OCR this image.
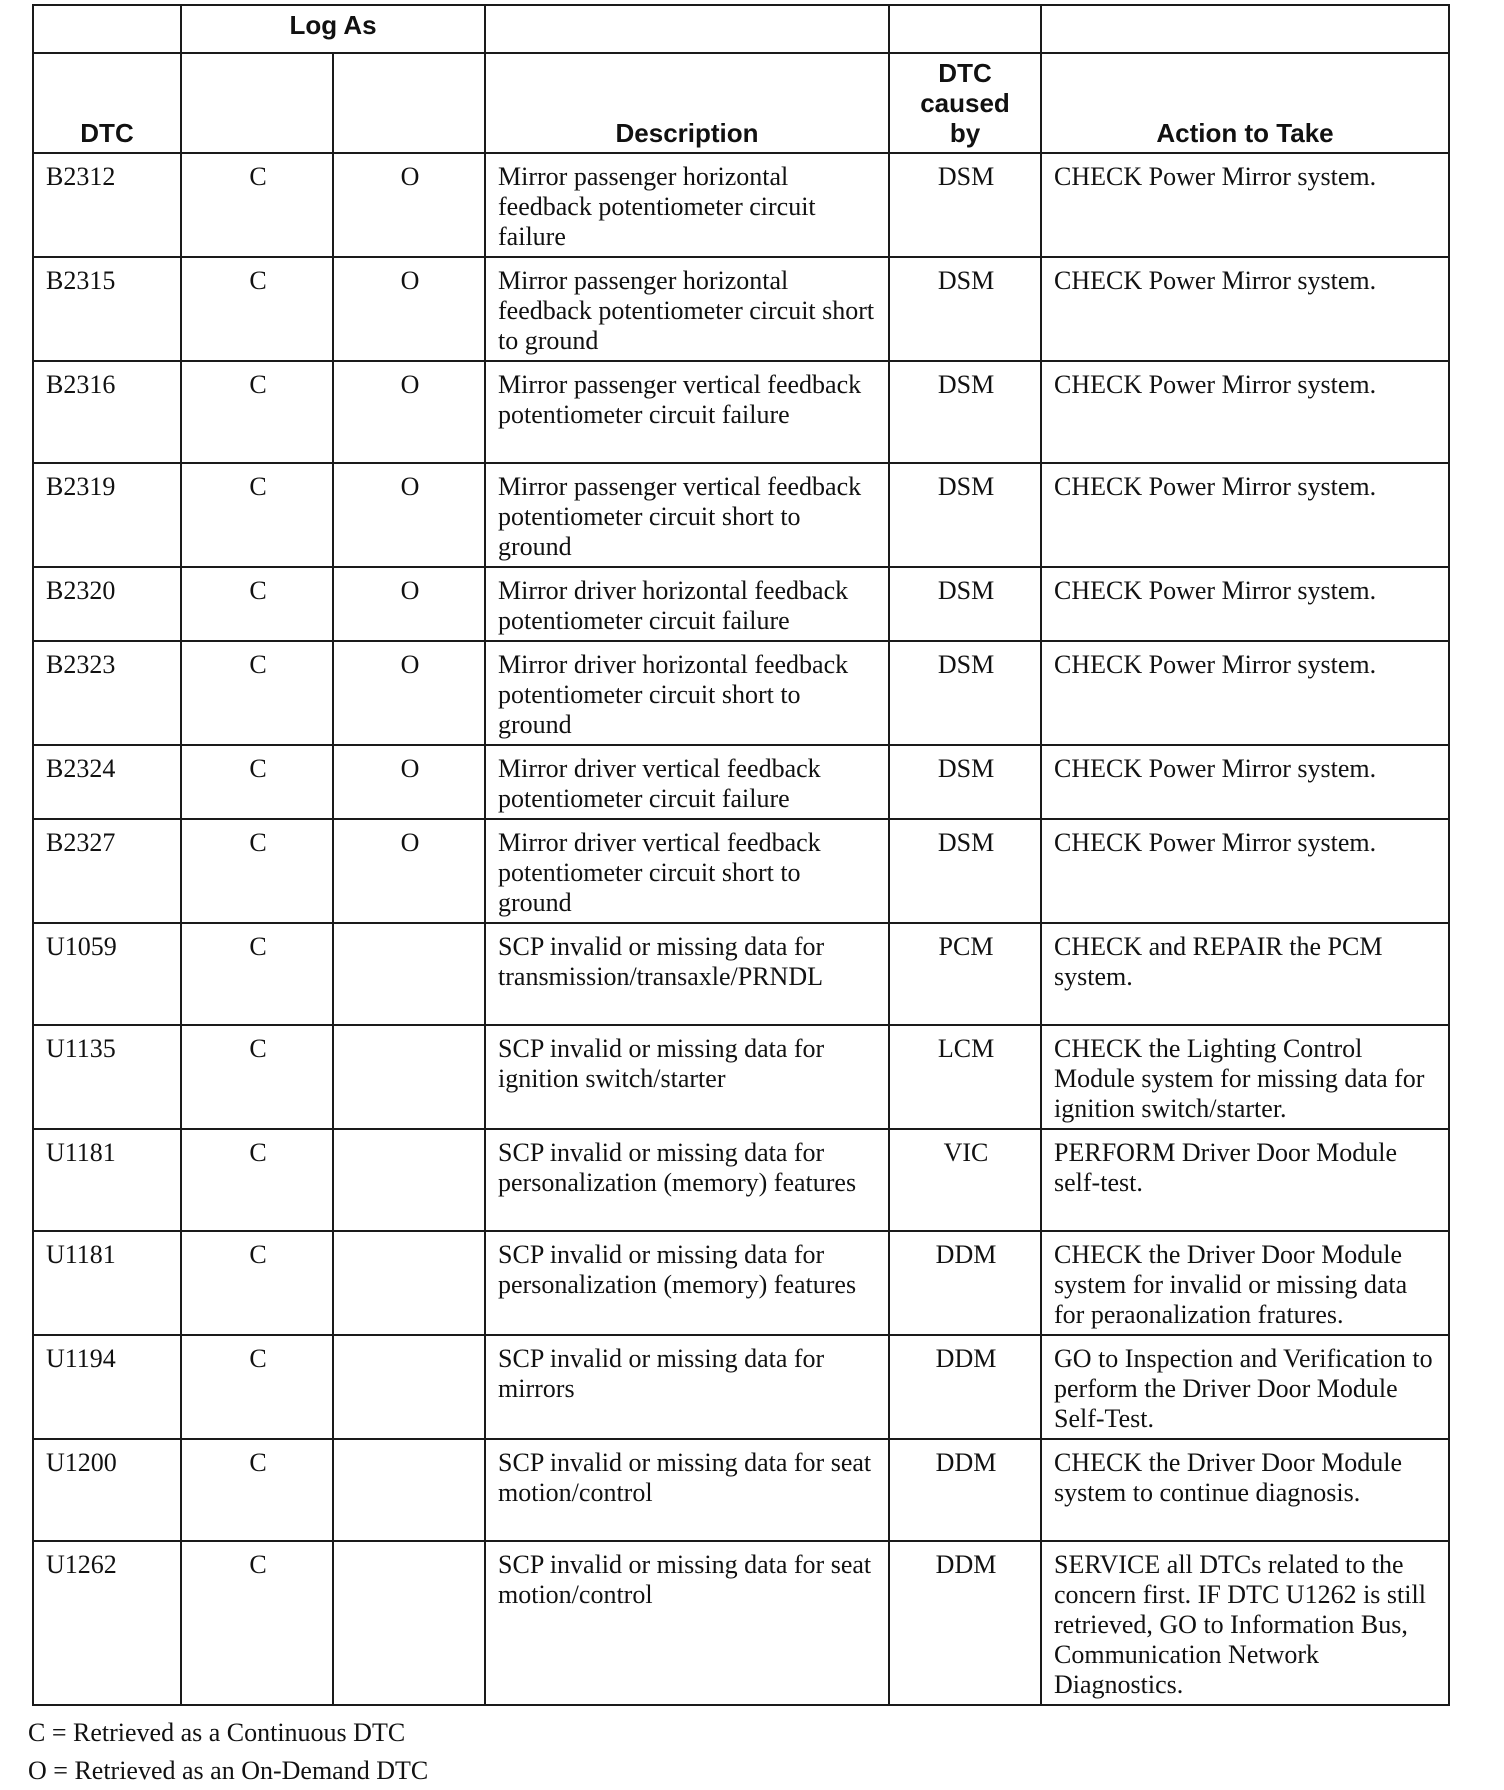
	Log As				
DTC			Description	DTC caused by	Action to Take
B2312	C	O	Mirror passenger horizontal feedback potentiometer circuit failure	DSM	CHECK Power Mirror system.
B2315	C	O	Mirror passenger horizontal feedback potentiometer circuit short to ground	DSM	CHECK Power Mirror system.
B2316	C	O	Mirror passenger vertical feedback potentiometer circuit failure	DSM	CHECK Power Mirror system.
B2319	C	O	Mirror passenger vertical feedback potentiometer circuit short to ground	DSM	CHECK Power Mirror system.
B2320	C	O	Mirror driver horizontal feedback potentiometer circuit failure	DSM	CHECK Power Mirror system.
B2323	C	O	Mirror driver horizontal feedback potentiometer circuit short to ground	DSM	CHECK Power Mirror system.
B2324	C	O	Mirror driver vertical feedback potentiometer circuit failure	DSM	CHECK Power Mirror system.
B2327	C	O	Mirror driver vertical feedback potentiometer circuit short to ground	DSM	CHECK Power Mirror system.
U1059	C		SCP invalid or missing data for transmission/transaxle/PRNDL	PCM	CHECK and REPAIR the PCM system.
U1135	C		SCP invalid or missing data for ignition switch/starter	LCM	CHECK the Lighting Control Module system for missing data for ignition switch/starter.
U1181	C		SCP invalid or missing data for personalization (memory) features	VIC	PERFORM Driver Door Module self-test.
U1181	C		SCP invalid or missing data for personalization (memory) features	DDM	CHECK the Driver Door Module system for invalid or missing data for peraonalization fratures.
U1194	C		SCP invalid or missing data for mirrors	DDM	GO to Inspection and Verification to perform the Driver Door Module Self-Test.
U1200	C		SCP invalid or missing data for seat motion/control	DDM	CHECK the Driver Door Module system to continue diagnosis.
U1262	C		SCP invalid or missing data for seat motion/control	DDM	SERVICE all DTCs related to the concern first. IF DTC U1262 is still retrieved, GO to Information Bus, Communication Network Diagnostics.
C = Retrieved as a Continuous DTC
O = Retrieved as an On-Demand DTC
